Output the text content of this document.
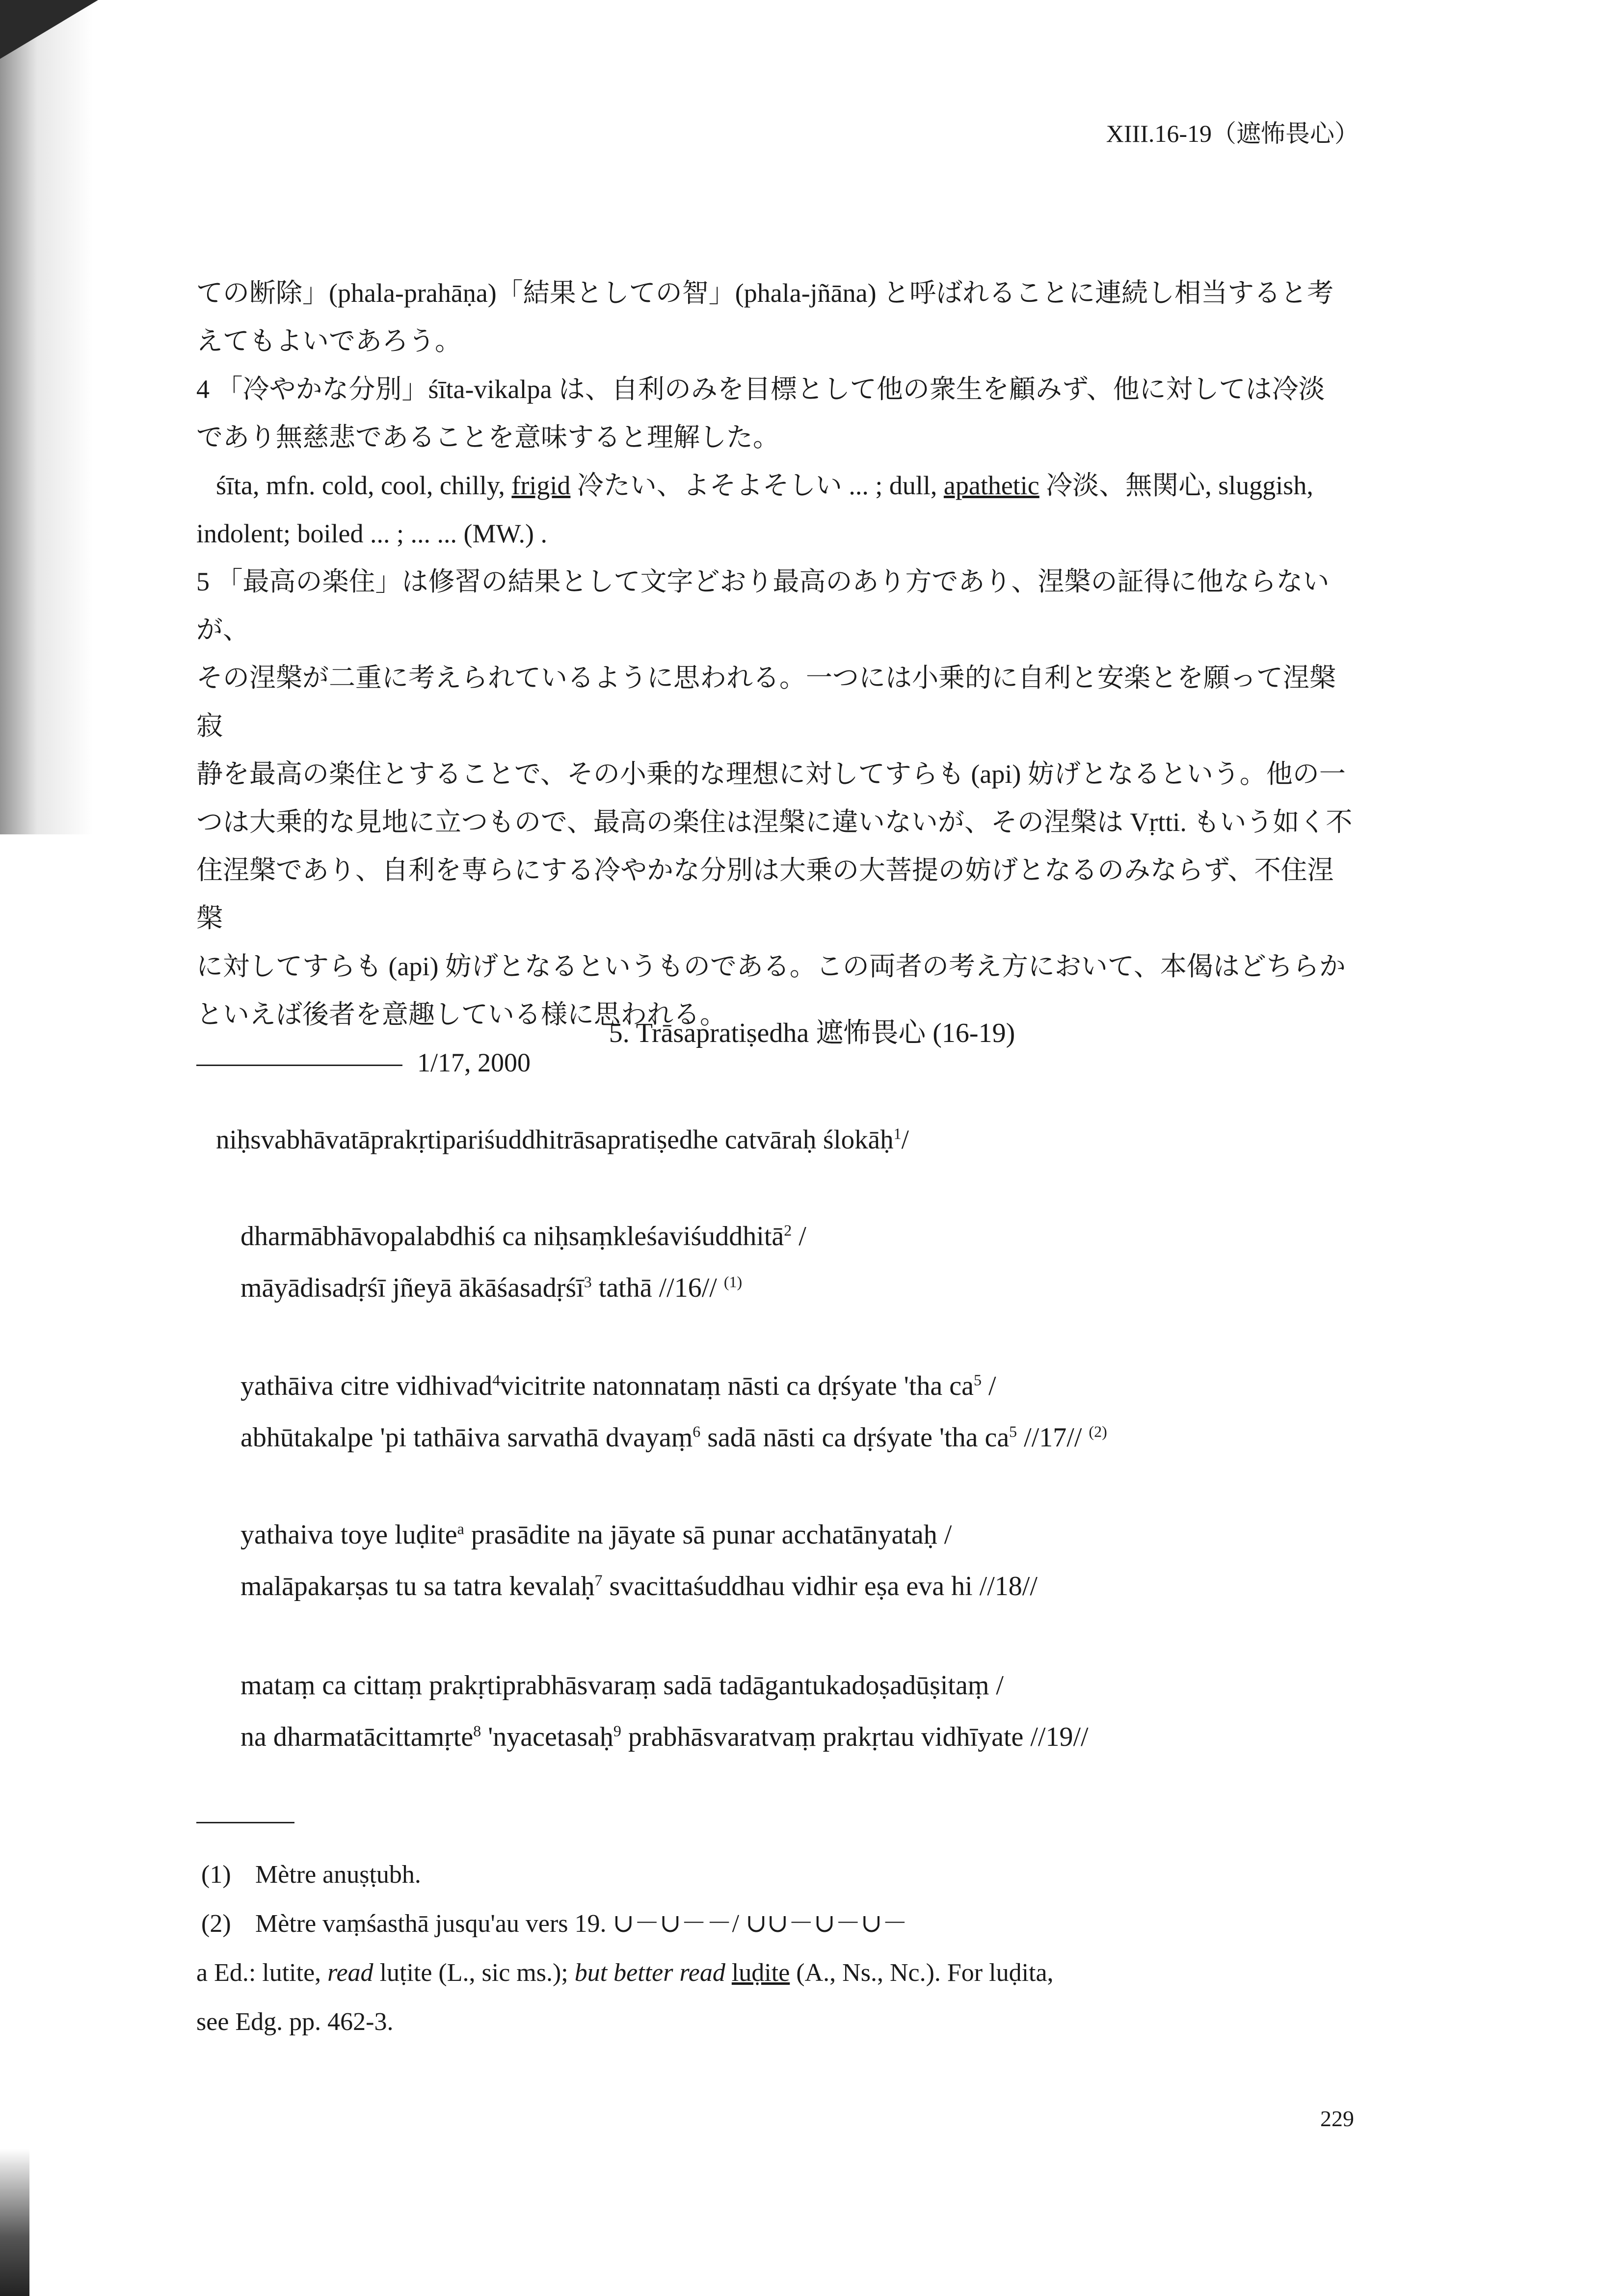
XIII.16-19（遮怖畏心）

ての断除」(phala-prahāṇa)「結果としての智」(phala-jñāna) と呼ばれることに連続し相当すると考

えてもよいであろう。

4 「冷やかな分別」śīta-vikalpa は、自利のみを目標として他の衆生を顧みず、他に対しては冷淡

であり無慈悲であることを意味すると理解した。

śīta, mfn. cold, cool, chilly, frigid 冷たい、よそよそしい ... ; dull, apathetic 冷淡、無関心, sluggish,

indolent; boiled ... ; ... ... (MW.) .

5 「最高の楽住」は修習の結果として文字どおり最高のあり方であり、涅槃の証得に他ならないが、

その涅槃が二重に考えられているように思われる。一つには小乗的に自利と安楽とを願って涅槃寂

静を最高の楽住とすることで、その小乗的な理想に対してすらも (api) 妨げとなるという。他の一

つは大乗的な見地に立つもので、最高の楽住は涅槃に違いないが、その涅槃は Vṛtti. もいう如く不

住涅槃であり、自利を専らにする冷やかな分別は大乗の大菩提の妨げとなるのみならず、不住涅槃

に対してすらも (api) 妨げとなるというものである。この両者の考え方において、本偈はどちらか

といえば後者を意趣している様に思われる。

1/17, 2000

5. Trāsapratiṣedha 遮怖畏心 (16-19)
niḥsvabhāvatāprakṛtipariśuddhitrāsapratiṣedhe catvāraḥ ślokāḥ$^1$/
dharmābhāvopalabdhiś ca niḥsaṃkleśaviśuddhitā$^2$ /
māyādisadṛśī jñeyā ākāśasadṛśī$^3$ tathā //16// $^{(1)}$
yathāiva citre vidhivad$^4$vicitrite natonnataṃ nāsti ca dṛśyate 'tha $ca^5$ /
abhūtakalpe 'pi tathāiva sarvathā dvayaṃ$^6$ sadā nāsti ca dṛśyate 'tha $ca^5$ //17// $^{(2)}$
yathaiva toye luḍite$^a$ prasādite na jāyate sā punar acchatānyataḥ /
malāpakarṣas tu sa tatra kevalaḥ$^7$ svacittaśuddhau vidhir eṣa eva hi //18//
mataṃ ca cittaṃ prakṛtiprabhāsvaraṃ sadā tadāgantukadoṣadūṣitaṃ /
na dharmatācittamṛte$^8$ 'nyacetasaḥ$^9$ prabhāsvaratvaṃ prakṛtau vidhīyate //19//

(1) Mètre anuṣṭubh.

(2) Mètre vaṃśasthā jusqu'au vers 19. ∪－∪－－/ ∪∪－∪－∪－

a Ed.: lutite, read luṭite (L., sic ms.); but better read luḍite (A., Ns., Nc.). For luḍita,

see Edg. pp. 462-3.

229
